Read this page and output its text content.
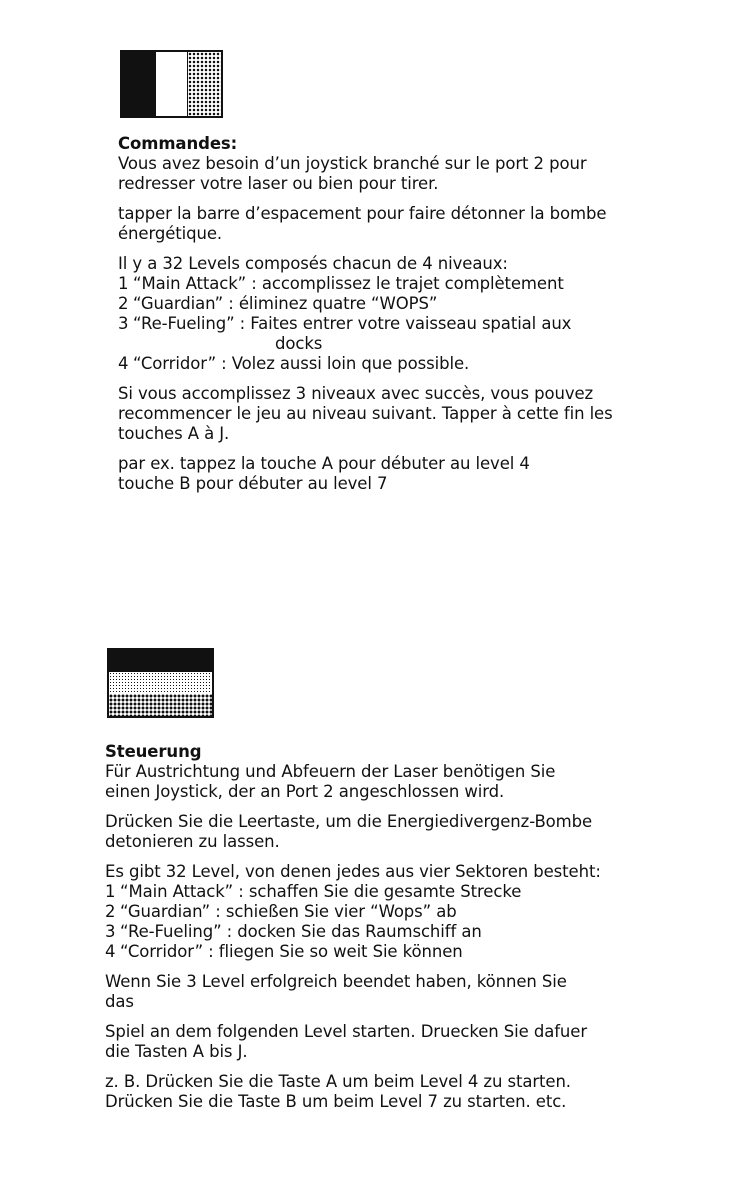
Commandes:

Vous avez besoin d’un joystick branché sur le port 2 pour
redresser votre laser ou bien pour tirer.

tapper la barre d’espacement pour faire détonner la bombe
énergétique.

Il y a 32 Levels composés chacun de 4 niveaux:
1 “Main Attack” : accomplissez le trajet complètement
2 “Guardian” : éliminez quatre “WOPS”
3 “Re-Fueling” : Faites entrer votre vaisseau spatial aux
docks
4 “Corridor” : Volez aussi loin que possible.

Si vous accomplissez 3 niveaux avec succès, vous pouvez
recommencer le jeu au niveau suivant. Tapper à cette fin les
touches A à J.

par ex. tappez la touche A pour débuter au level 4
touche B pour débuter au level 7

Steuerung

Für Austrichtung und Abfeuern der Laser benötigen Sie
einen Joystick, der an Port 2 angeschlossen wird.

Drücken Sie die Leertaste, um die Energiedivergenz-Bombe
detonieren zu lassen.

Es gibt 32 Level, von denen jedes aus vier Sektoren besteht:
1 “Main Attack” : schaffen Sie die gesamte Strecke
2 “Guardian” : schießen Sie vier “Wops” ab
3 “Re-Fueling” : docken Sie das Raumschiff an
4 “Corridor” : fliegen Sie so weit Sie können

Wenn Sie 3 Level erfolgreich beendet haben, können Sie
das

Spiel an dem folgenden Level starten. Druecken Sie dafuer
die Tasten A bis J.

z. B. Drücken Sie die Taste A um beim Level 4 zu starten.
Drücken Sie die Taste B um beim Level 7 zu starten. etc.
